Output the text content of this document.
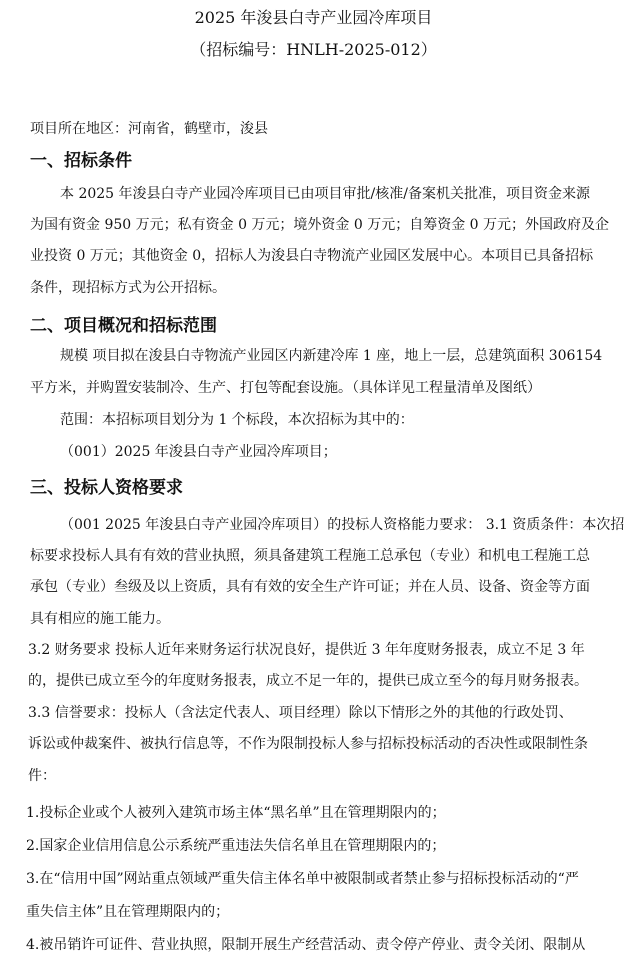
2025 年浚县白寺产业园冷库项目
（招标编号：HNLH-2025-012）
项目所在地区：河南省，鹤壁市，浚县
一、招标条件
本 2025 年浚县白寺产业园冷库项目已由项目审批/核准/备案机关批准，项目资金来源
为国有资金 950 万元；私有资金 0 万元；境外资金 0 万元；自筹资金 0 万元；外国政府及企
业投资 0 万元；其他资金 0，招标人为浚县白寺物流产业园区发展中心。本项目已具备招标
条件，现招标方式为公开招标。
二、项目概况和招标范围
规模 项目拟在浚县白寺物流产业园区内新建冷库 1 座，地上一层，总建筑面积 306154
平方米，并购置安装制冷、生产、打包等配套设施。（具体详见工程量清单及图纸）
范围：本招标项目划分为 1 个标段，本次招标为其中的：
（001）2025 年浚县白寺产业园冷库项目；
三、投标人资格要求
（001 2025 年浚县白寺产业园冷库项目）的投标人资格能力要求： 3.1 资质条件：本次招
标要求投标人具有有效的营业执照，须具备建筑工程施工总承包（专业）和机电工程施工总
承包（专业）叁级及以上资质，具有有效的安全生产许可证；并在人员、设备、资金等方面
具有相应的施工能力。
3.2 财务要求 投标人近年来财务运行状况良好，提供近 3 年年度财务报表，成立不足 3 年
的，提供已成立至今的年度财务报表，成立不足一年的，提供已成立至今的每月财务报表。
3.3 信誉要求：投标人（含法定代表人、项目经理）除以下情形之外的其他的行政处罚、
诉讼或仲裁案件、被执行信息等，不作为限制投标人参与招标投标活动的否决性或限制性条
件：
1.投标企业或个人被列入建筑市场主体“黑名单”且在管理期限内的；
2.国家企业信用信息公示系统严重违法失信名单且在管理期限内的；
3.在“信用中国”网站重点领域严重失信主体名单中被限制或者禁止参与招标投标活动的“严
重失信主体”且在管理期限内的；
4.被吊销许可证件、营业执照，限制开展生产经营活动、责令停产停业、责令关闭、限制从
